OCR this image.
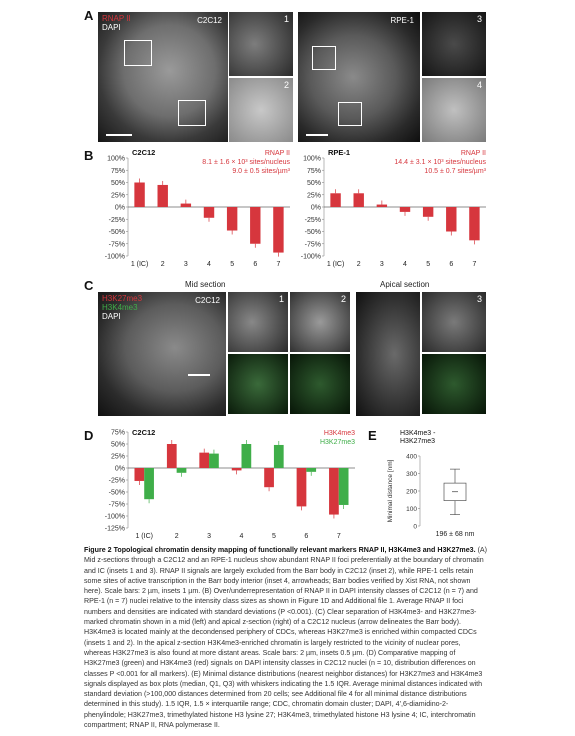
A
B
C
D	E
RNAP II
DAPI
C2C12	1
2
RPE-1	3
4
100%
75%
50%
25%
0%
-25%
-50%
-75%
-100%
1 (IC) 2	3	4	5	6	7
C2C12	RNAP II
8.1 ± 1.6 × 10³ sites/nucleus
9.0 ± 0.5 sites/µm³
100%
75%
50%
25%
0%
-25%
-50%
-75%
-100%
1 (IC) 2	3	4	5	6	7
RPE-1	RNAP II
14.4 ± 3.1 × 10³ sites/nucleus
10.5 ± 0.7 sites/µm³
Mid section	Apical section
H3K27me3
H3K4me3
DAPI
C2C12	1	2	3
75%
50%
25%
0%
-25%
-50%
-75%
-100%
-125%
1 (IC)	2	3	4	5	6	7
C2C12	H3K4me3
H3K27me3
H3K4me3 -
H3K27me3
0
100
200
300
400
Minimal distance [nm]
196 ± 68 nm
Figure 2 Topological chromatin density mapping of functionally relevant markers RNAP II, H3K4me3 and H3K27me3. (A) Mid z-sections through a C2C12 and an RPE-1 nucleus show abundant RNAP II foci preferentially at the boundary of chromatin and IC (insets 1 and 3). RNAP II signals are largely excluded from the Barr body in C2C12 (inset 2), while RPE-1 cells retain some sites of active transcription in the Barr body interior (inset 4, arrowheads; Barr bodies verified by Xist RNA, not shown here). Scale bars: 2 µm, insets 1 µm. (B) Over/underrepresentation of RNAP II in DAPI intensity classes of C2C12 (n = 7) and RPE-1 (n = 7) nuclei relative to the intensity class sizes as shown in Figure 1D and Additional file 1. Average RNAP II foci numbers and densities are indicated with standard deviations (P <0.001). (C) Clear separation of H3K4me3- and H3K27me3-marked chromatin shown in a mid (left) and apical z-section (right) of a C2C12 nucleus (arrow delineates the Barr body). H3K4me3 is located mainly at the decondensed periphery of CDCs, whereas H3K27me3 is enriched within compacted CDCs (insets 1 and 2). In the apical z-section H3K4me3-enriched chromatin is largely restricted to the vicinity of nuclear pores, whereas H3K27me3 is also found at more distant areas. Scale bars: 2 µm, insets 0.5 µm. (D) Comparative mapping of H3K27me3 (green) and H3K4me3 (red) signals on DAPI intensity classes in C2C12 nuclei (n = 10, distribution differences on classes P <0.001 for all markers). (E) Minimal distance distributions (nearest neighbor distances) for H3K27me3 and H3K4me3 signals displayed as box plots (median, Q1, Q3) with whiskers indicating the 1.5 IQR. Average minimal distances indicated with standard deviation (>100,000 distances determined from 20 cells; see Additional file 4 for all minimal distance distributions determined in this study). 1.5 IQR, 1.5 × interquartile range; CDC, chromatin domain cluster; DAPI, 4',6-diamidino-2-phenylindole; H3K27me3, trimethylated histone H3 lysine 27; H3K4me3, trimethylated histone H3 lysine 4; IC, interchromatin compartment; RNAP II, RNA polymerase II.
